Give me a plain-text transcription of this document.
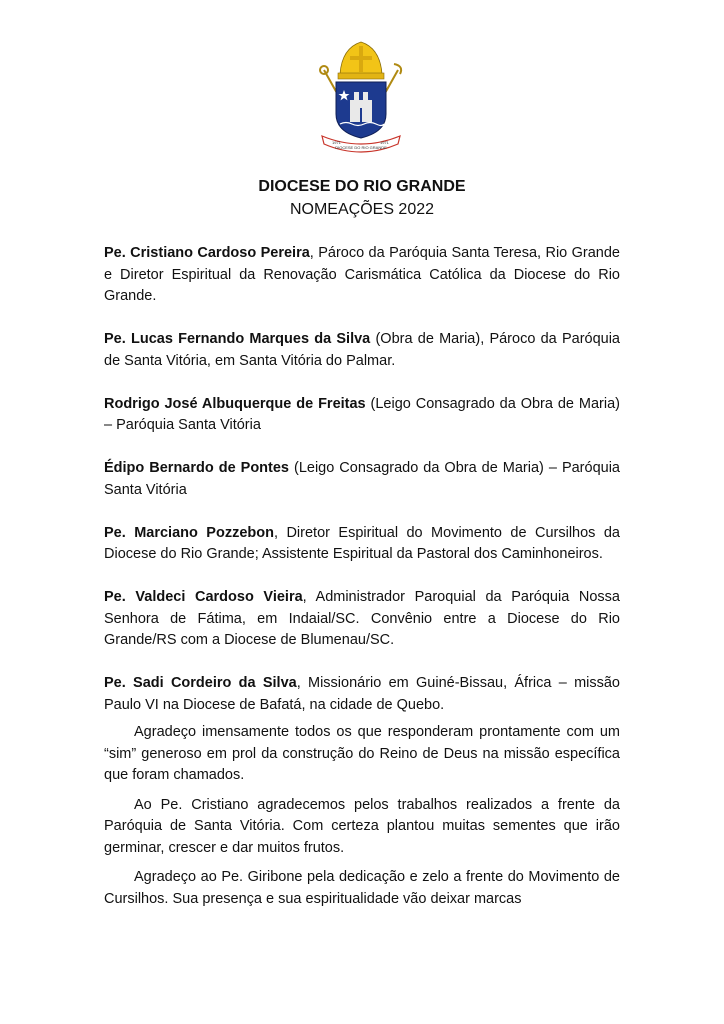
1971	1971
DIOCESE DO RIO GRANDE
DIOCESE DO RIO GRANDE
NOMEAÇÕES 2022

Pe. Cristiano Cardoso Pereira, Pároco da Paróquia Santa Teresa, Rio Grande e Diretor Espiritual da Renovação Carismática Católica da Diocese do Rio Grande.

Pe. Lucas Fernando Marques da Silva (Obra de Maria), Pároco da Paróquia de Santa Vitória, em Santa Vitória do Palmar.

Rodrigo José Albuquerque de Freitas (Leigo Consagrado da Obra de Maria) – Paróquia Santa Vitória

Édipo Bernardo de Pontes (Leigo Consagrado da Obra de Maria) – Paróquia Santa Vitória

Pe. Marciano Pozzebon, Diretor Espiritual do Movimento de Cursilhos da Diocese do Rio Grande; Assistente Espiritual da Pastoral dos Caminhoneiros.

Pe. Valdeci Cardoso Vieira, Administrador Paroquial da Paróquia Nossa Senhora de Fátima, em Indaial/SC. Convênio entre a Diocese do Rio Grande/RS com a Diocese de Blumenau/SC.

Pe. Sadi Cordeiro da Silva, Missionário em Guiné-Bissau, África – missão Paulo VI na Diocese de Bafatá, na cidade de Quebo.

Agradeço imensamente todos os que responderam prontamente com um “sim” generoso em prol da construção do Reino de Deus na missão específica que foram chamados.

Ao Pe. Cristiano agradecemos pelos trabalhos realizados a frente da Paróquia de Santa Vitória. Com certeza plantou muitas sementes que irão germinar, crescer e dar muitos frutos.

Agradeço ao Pe. Giribone pela dedicação e zelo a frente do Movimento de Cursilhos. Sua presença e sua espiritualidade vão deixar marcas
